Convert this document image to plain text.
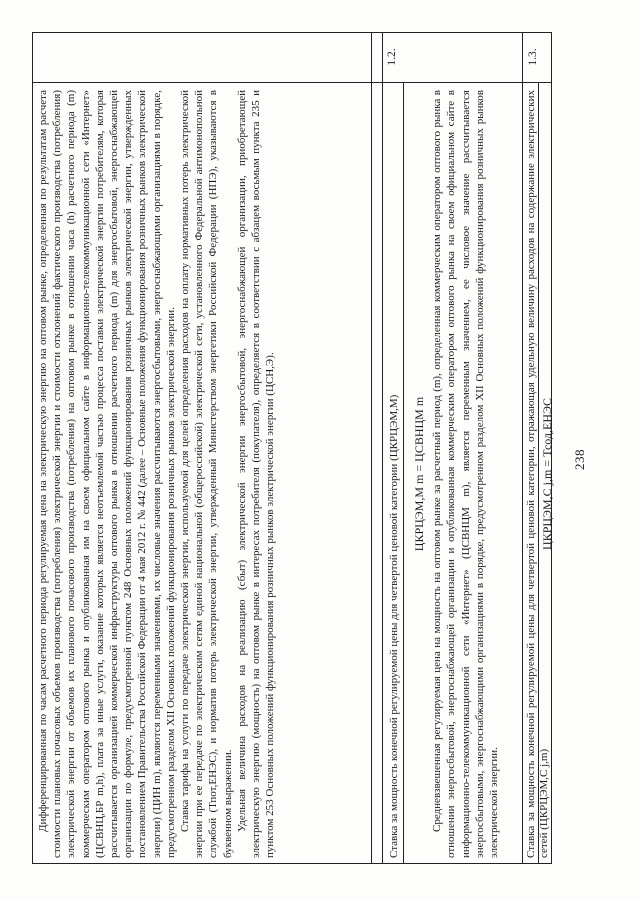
238

Дифференцированная по часам расчетного периода регулируемая цена на электрическую энергию на оптовом рынке, определенная по результатам расчета стоимости плановых почасовых объемов производства (потребления) электрической энергии и стоимости отклонений фактического производства (потребления) электрической энергии от объемов их планового почасового производства (потребления) на оптовом рынке в отношении часа (h) расчетного периода (m) коммерческим оператором оптового рынка и опубликованная им на своем официальном сайте в информационно-телекоммуникационной сети «Интернет» (ЦСВНЦ,БР m,h), плата за иные услуги, оказание которых является неотъемлемой частью процесса поставки электрической энергии потребителям, которая рассчитывается организацией коммерческой инфраструктуры оптового рынка в отношении расчетного периода (m) для энергосбытовой, энергоснабжающей организации по формуле, предусмотренной пунктом 248 Основных положений функционирования розничных рынков электрической энергии, утвержденных постановлением Правительства Российской Федерации от 4 мая 2012 г. № 442 (далее – Основные положения функционирования розничных рынков электрической энергии) (ЦИН m), являются переменными значениями, их числовые значения рассчитываются энергосбытовыми, энергоснабжающими организациями в порядке, предусмотренном разделом XII Основных положений функционирования розничных рынков электрической энергии. Ставка тарифа на услуги по передаче электрической энергии, используемой для целей определения расходов на оплату нормативных потерь электрической энергии при ее передаче по электрическим сетям единой национальной (общероссийской) электрической сети, установленного Федеральной антимонопольной службой (Тпот,ЕНЭС), и норматив потерь электрической энергии, утвержденный Министерством энергетики Российской Федерации (НПЭ), указываются в буквенном выражении. Удельная величина расходов на реализацию (сбыт) электрической энергии энергосбытовой, энергоснабжающей организации, приобретающей электрическую энергию (мощность) на оптовом рынке в интересах потребителя (покупателя), определяется в соответствии с абзацем восьмым пункта 235 и пунктом 253 Основных положений функционирования розничных рынков электрической энергии (ЦСН,Э).

1.2.

Ставка за мощность конечной регулируемой цены для четвертой ценовой категории (ЦКРЦЭМ,М) ЦКРЦЭМ,М m = ЦСВНЦМ m Средневзвешенная регулируемая цена на мощность на оптовом рынке за расчетный период (m), определенная коммерческим оператором оптового рынка в отношении энергосбытовой, энергоснабжающей организации и опубликованная коммерческим оператором оптового рынка на своем официальном сайте в информационно-телекоммуникационной сети «Интернет» (ЦСВНЦМ m), является переменным значением, ее числовое значение рассчитывается энергосбытовыми, энергоснабжающими организациями в порядке, предусмотренном разделом XII Основных положений функционирования розничных рынков электрической энергии.

1.3.

Ставка за мощность конечной регулируемой цены для четвертой ценовой категории, отражающая удельную величину расходов на содержание электрических сетей (ЦКРЦЭМ,С j,m)

ЦКРЦЭМ,С j,m = Тсод,ЕНЭС
